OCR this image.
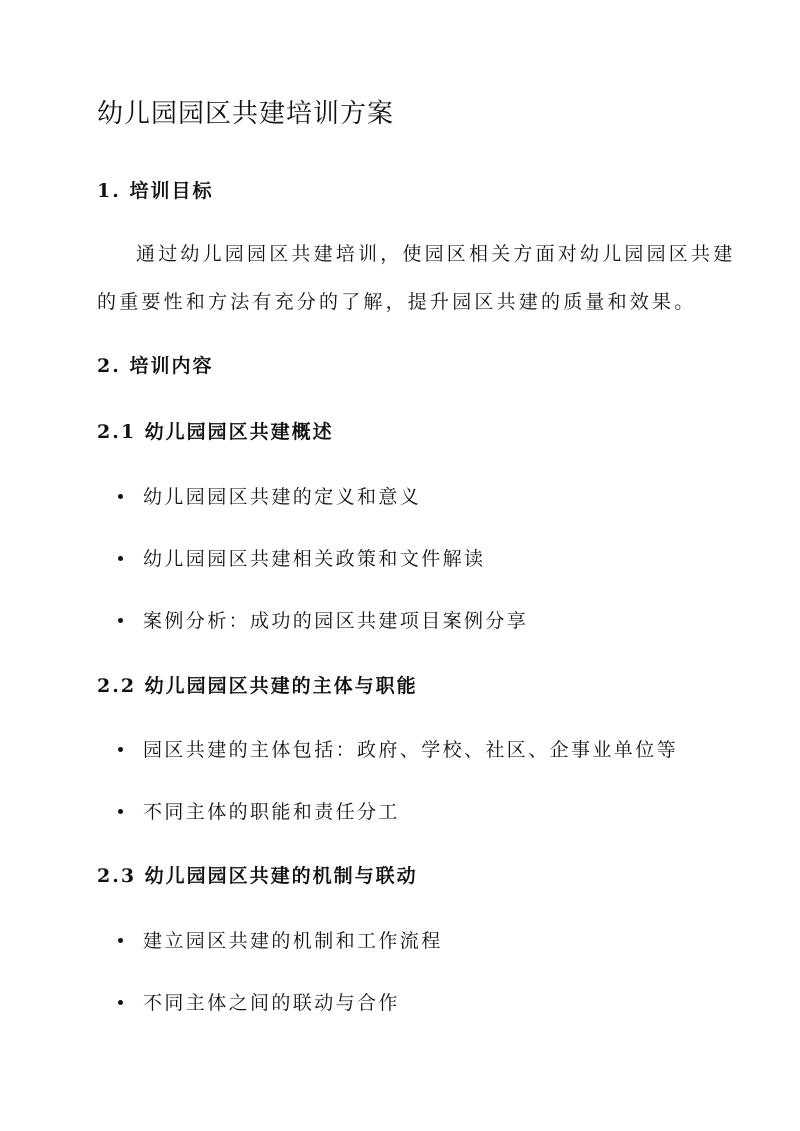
幼儿园园区共建培训方案
1. 培训目标
通过幼儿园园区共建培训，使园区相关方面对幼儿园园区共建
的重要性和方法有充分的了解，提升园区共建的质量和效果。
2. 培训内容
2.1 幼儿园园区共建概述
幼儿园园区共建的定义和意义
幼儿园园区共建相关政策和文件解读
案例分析：成功的园区共建项目案例分享
2.2 幼儿园园区共建的主体与职能
园区共建的主体包括：政府、学校、社区、企事业单位等
不同主体的职能和责任分工
2.3 幼儿园园区共建的机制与联动
建立园区共建的机制和工作流程
不同主体之间的联动与合作
